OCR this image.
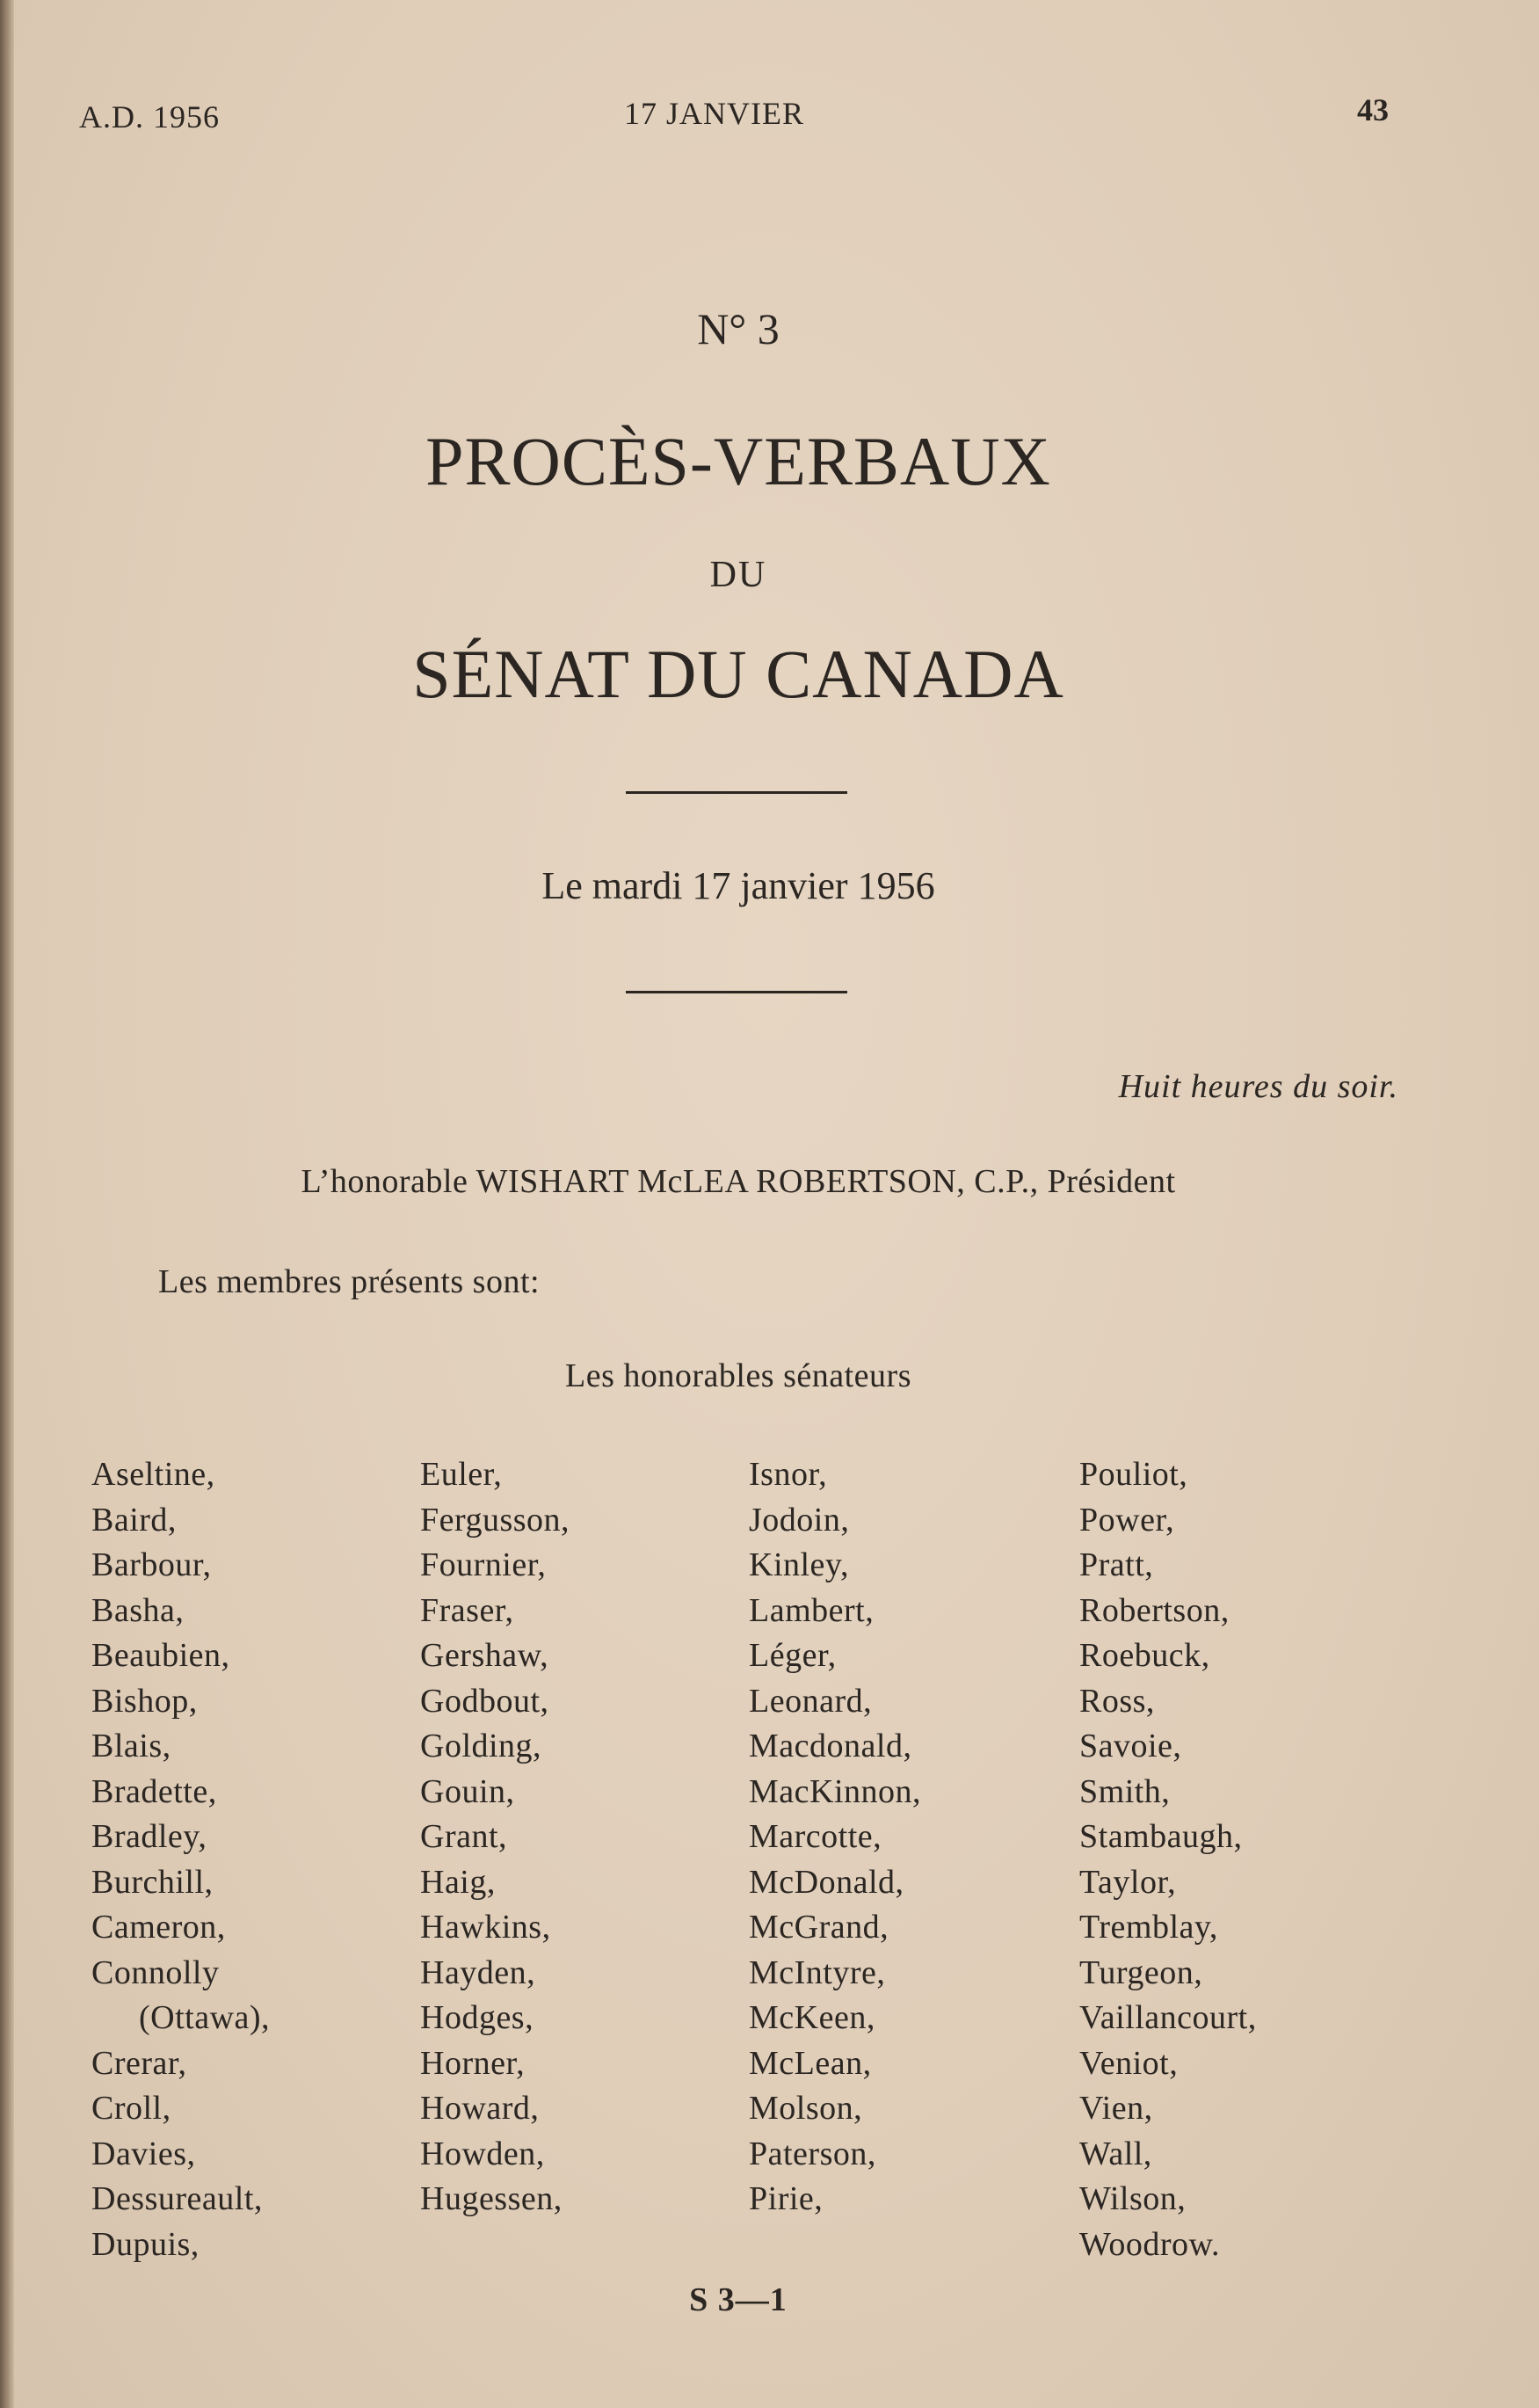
A.D. 1956	17 JANVIER	43
N° 3
PROCÈS-VERBAUX
DU
SÉNAT DU CANADA
Le mardi 17 janvier 1956
Huit heures du soir.
L’honorable WISHART McLEA ROBERTSON, C.P., Président
Les membres présents sont:
Les honorables sénateurs
Aseltine,
Baird,
Barbour,
Basha,
Beaubien,
Bishop,
Blais,
Bradette,
Bradley,
Burchill,
Cameron,
Connolly
(Ottawa),
Crerar,
Croll,
Davies,
Dessureault,
Dupuis,
Euler,
Fergusson,
Fournier,
Fraser,
Gershaw,
Godbout,
Golding,
Gouin,
Grant,
Haig,
Hawkins,
Hayden,
Hodges,
Horner,
Howard,
Howden,
Hugessen,
Isnor,
Jodoin,
Kinley,
Lambert,
Léger,
Leonard,
Macdonald,
MacKinnon,
Marcotte,
McDonald,
McGrand,
McIntyre,
McKeen,
McLean,
Molson,
Paterson,
Pirie,
Pouliot,
Power,
Pratt,
Robertson,
Roebuck,
Ross,
Savoie,
Smith,
Stambaugh,
Taylor,
Tremblay,
Turgeon,
Vaillancourt,
Veniot,
Vien,
Wall,
Wilson,
Woodrow.
S 3—1
